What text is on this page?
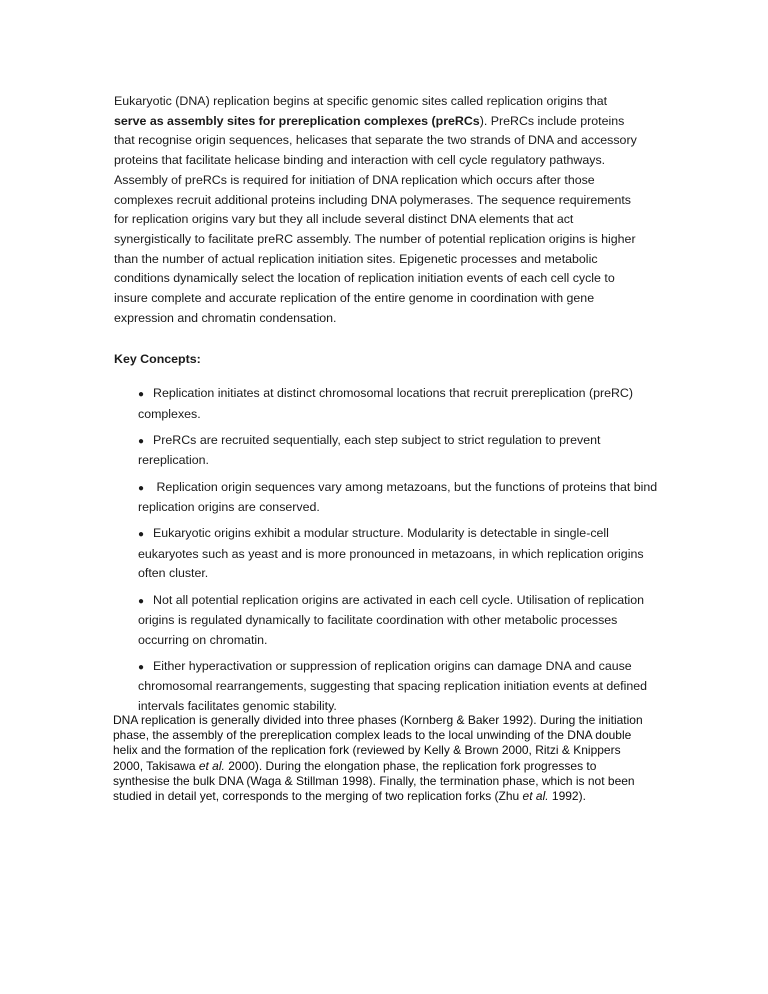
Eukaryotic (DNA) replication begins at specific genomic sites called replication origins that serve as assembly sites for prereplication complexes (preRCs). PreRCs include proteins that recognise origin sequences, helicases that separate the two strands of DNA and accessory proteins that facilitate helicase binding and interaction with cell cycle regulatory pathways. Assembly of preRCs is required for initiation of DNA replication which occurs after those complexes recruit additional proteins including DNA polymerases. The sequence requirements for replication origins vary but they all include several distinct DNA elements that act synergistically to facilitate preRC assembly. The number of potential replication origins is higher than the number of actual replication initiation sites. Epigenetic processes and metabolic conditions dynamically select the location of replication initiation events of each cell cycle to insure complete and accurate replication of the entire genome in coordination with gene expression and chromatin condensation.

Key Concepts:

● Replication initiates at distinct chromosomal locations that recruit prereplication (preRC) complexes.
● PreRCs are recruited sequentially, each step subject to strict regulation to prevent rereplication.
● Replication origin sequences vary among metazoans, but the functions of proteins that bind replication origins are conserved.
● Eukaryotic origins exhibit a modular structure. Modularity is detectable in single-cell eukaryotes such as yeast and is more pronounced in metazoans, in which replication origins often cluster.
● Not all potential replication origins are activated in each cell cycle. Utilisation of replication origins is regulated dynamically to facilitate coordination with other metabolic processes occurring on chromatin.
● Either hyperactivation or suppression of replication origins can damage DNA and cause chromosomal rearrangements, suggesting that spacing replication initiation events at defined intervals facilitates genomic stability.

DNA replication is generally divided into three phases (Kornberg & Baker 1992). During the initiation phase, the assembly of the prereplication complex leads to the local unwinding of the DNA double helix and the formation of the replication fork (reviewed by Kelly & Brown 2000, Ritzi & Knippers 2000, Takisawa et al. 2000). During the elongation phase, the replication fork progresses to synthesise the bulk DNA (Waga & Stillman 1998). Finally, the termination phase, which is not been studied in detail yet, corresponds to the merging of two replication forks (Zhu et al. 1992).
